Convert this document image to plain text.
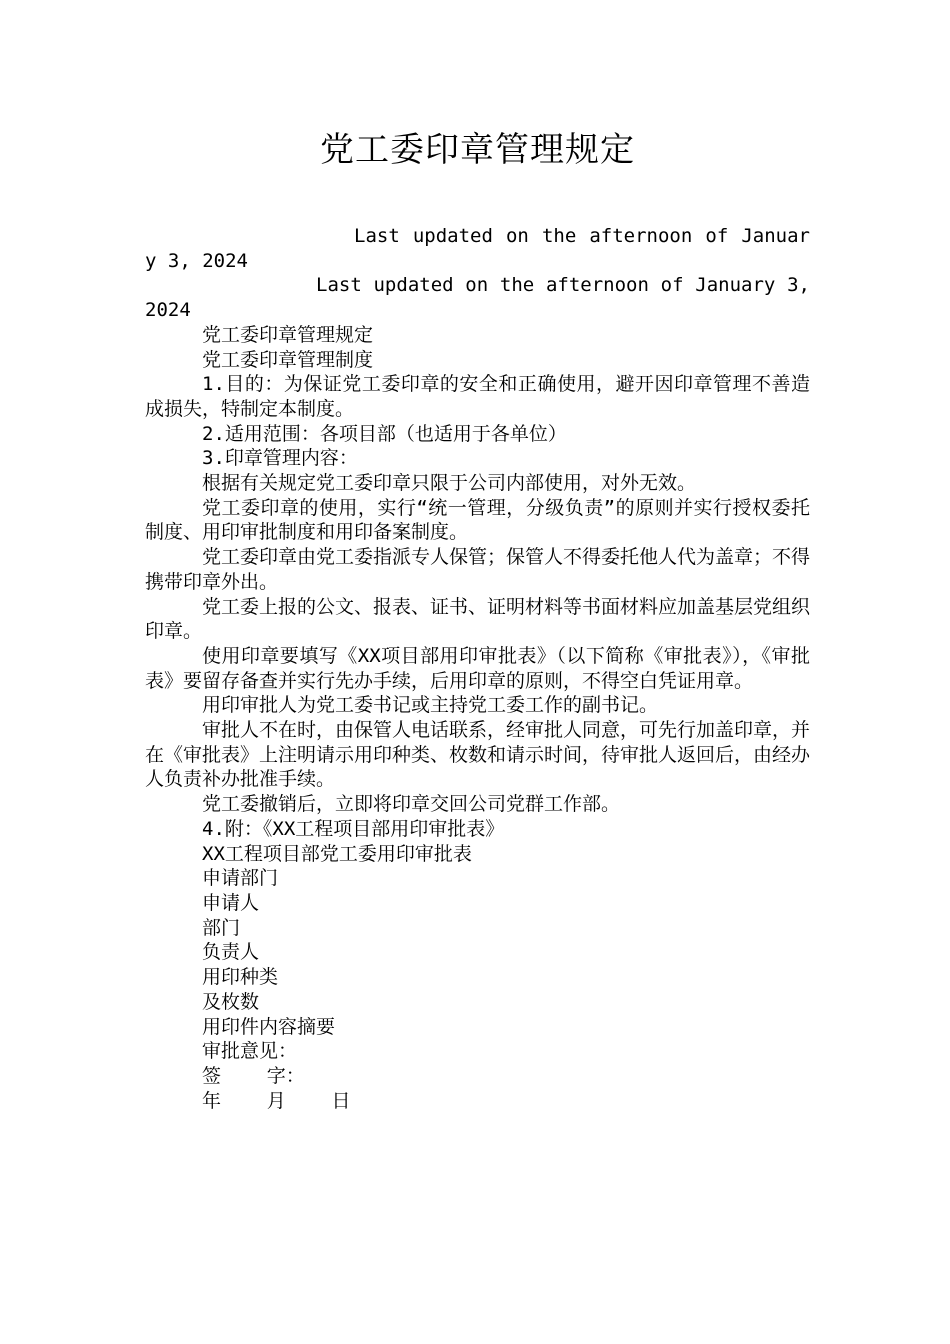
党工委印章管理规定

Last updated on the afternoon of January 3, 2024

Last updated on the afternoon of January 3, 2024

党工委印章管理规定

党工委印章管理制度

1.目的：为保证党工委印章的安全和正确使用，避开因印章管理不善造成损失，特制定本制度。

2.适用范围：各项目部（也适用于各单位）

3.印章管理内容：

根据有关规定党工委印章只限于公司内部使用，对外无效。

党工委印章的使用，实行“统一管理，分级负责”的原则并实行授权委托制度、用印审批制度和用印备案制度。

党工委印章由党工委指派专人保管；保管人不得委托他人代为盖章；不得携带印章外出。

党工委上报的公文、报表、证书、证明材料等书面材料应加盖基层党组织印章。

使用印章要填写《XX项目部用印审批表》（以下简称《审批表》），《审批表》要留存备查并实行先办手续，后用印章的原则，不得空白凭证用章。

用印审批人为党工委书记或主持党工委工作的副书记。

审批人不在时，由保管人电话联系，经审批人同意，可先行加盖印章，并在《审批表》上注明请示用印种类、枚数和请示时间，待审批人返回后，由经办人负责补办批准手续。

党工委撤销后，立即将印章交回公司党群工作部。

4.附：《XX工程项目部用印审批表》

XX工程项目部党工委用印审批表

申请部门

申请人

部门

负责人

用印种类

及枚数

用印件内容摘要

审批意见：

签    字：

年    月    日
